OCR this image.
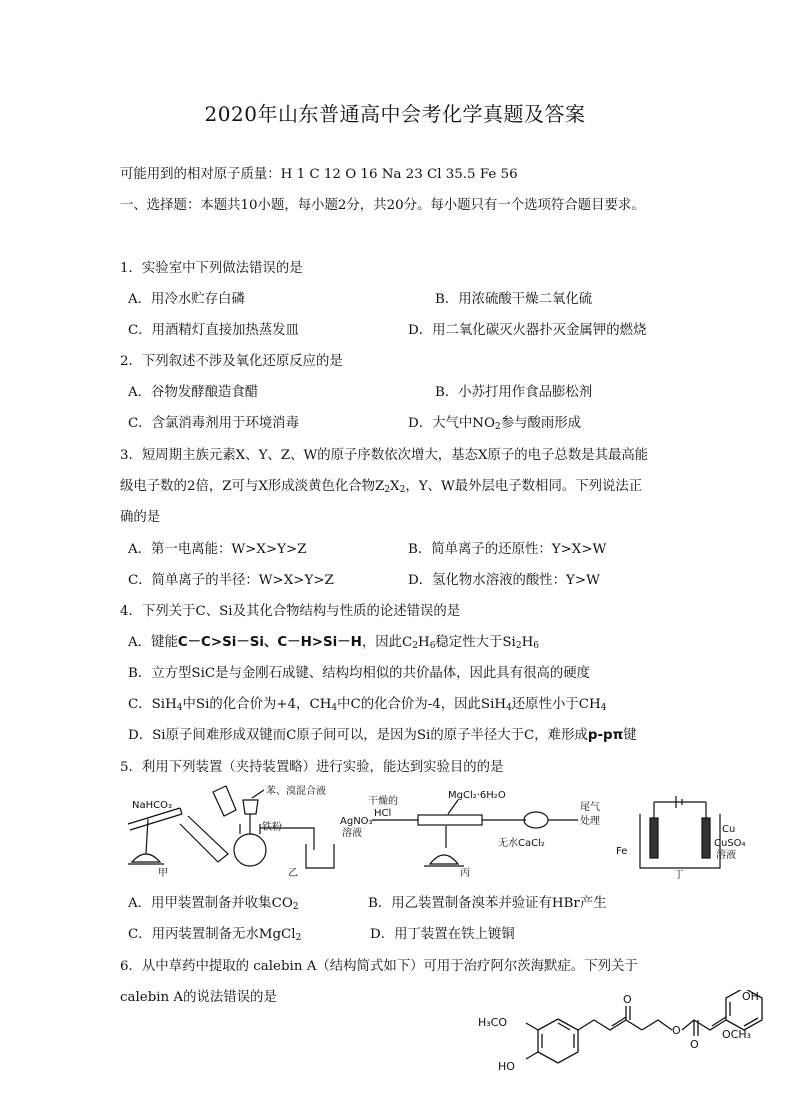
2020年山东普通高中会考化学真题及答案
可能用到的相对原子质量：H 1 C 12 O 16 Na 23 Cl 35.5 Fe 56
一、选择题：本题共10小题，每小题2分，共20分。每小题只有一个选项符合题目要求。
1．实验室中下列做法错误的是
A．用冷水贮存白磷	B．用浓硫酸干燥二氧化硫
C．用酒精灯直接加热蒸发皿	D．用二氧化碳灭火器扑灭金属钾的燃烧
2．下列叙述不涉及氧化还原反应的是
A．谷物发酵酿造食醋	B．小苏打用作食品膨松剂
C．含氯消毒剂用于环境消毒	D．大气中$NO_2$参与酸雨形成
3．短周期主族元素X、Y、Z、W的原子序数依次增大，基态X原子的电子总数是其最高能
级电子数的2倍，Z可与X形成淡黄色化合物$Z_2X_2$，Y、W最外层电子数相同。下列说法正
确的是
A．第一电离能：W>X>Y>Z	B．简单离子的还原性：Y>X>W
C．简单离子的半径：W>X>Y>Z	D．氢化物水溶液的酸性：Y>W
4．下列关于C、Si及其化合物结构与性质的论述错误的是
A．键能C－C>Si－Si、C－H>Si－H，因此$C_2H_6$稳定性大于$Si_2H_6$
B．立方型SiC是与金刚石成键、结构均相似的共价晶体，因此具有很高的硬度
C．SiH$_4$中Si的化合价为+4，$CH_4$中C的化合价为-4，因此SiH$_4$还原性小于$CH_4$
D．Si原子间难形成双键而C原子间可以，是因为Si的原子半径大于C，难形成p-pπ键
5．利用下列装置（夹持装置略）进行实验，能达到实验目的的是
NaHCO₃
甲
苯、溴混合液
铁粉
AgNO₃
溶液
乙
干燥的
HCl
MgCl₂·6H₂O
无水CaCl₂
尾气
处理
丙
Cu
Fe
CuSO₄
溶液
丁
A．用甲装置制备并收集$CO_2$	B．用乙装置制备溴苯并验证有HBr产生
C．用丙装置制备无水MgCl$_2$	D．用丁装置在铁上镀铜
6．从中草药中提取的 calebin A（结构简式如下）可用于治疗阿尔茨海默症。下列关于
calebin A的说法错误的是
H₃CO
HO
O
O
O
OH
OCH₃
